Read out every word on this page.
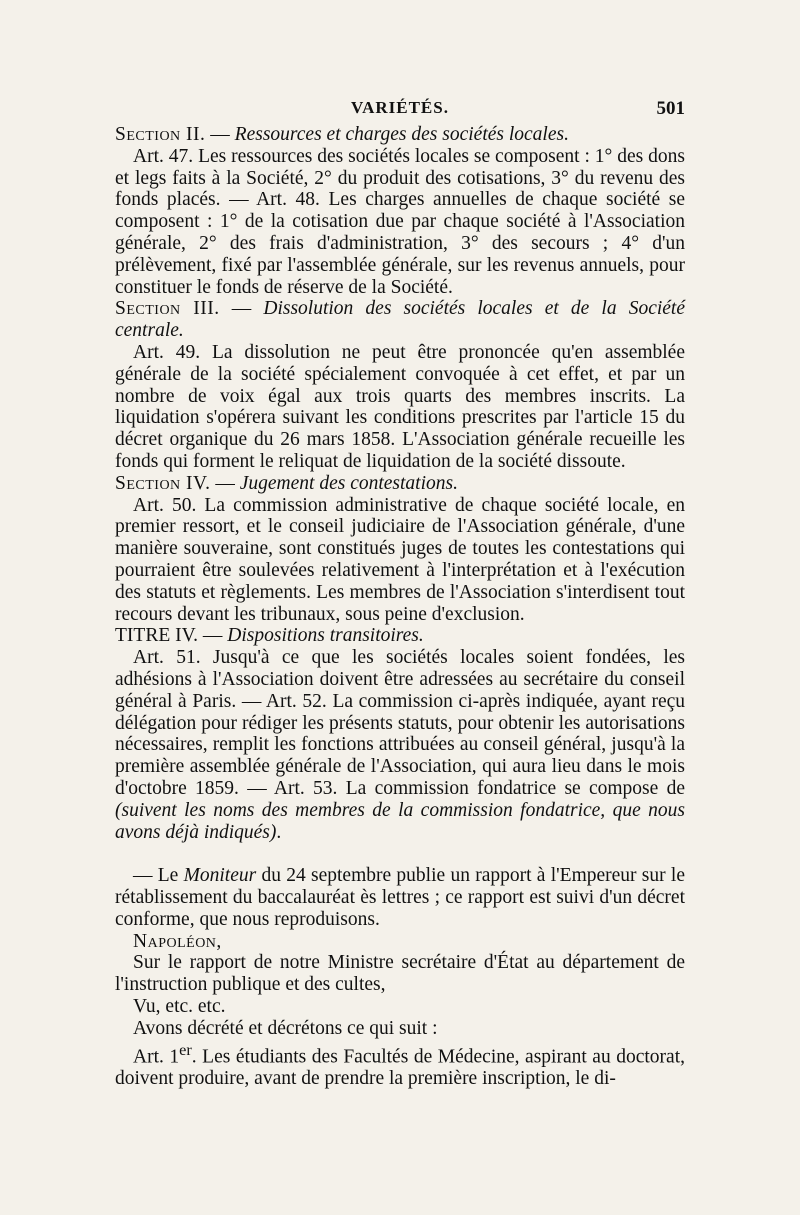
VARIÉTÉS.	501

Section II. — Ressources et charges des sociétés locales.

Art. 47. Les ressources des sociétés locales se composent : 1° des dons et legs faits à la Société, 2° du produit des cotisations, 3° du revenu des fonds placés. — Art. 48. Les charges annuelles de chaque société se composent : 1° de la cotisation due par chaque société à l'Association générale, 2° des frais d'administration, 3° des secours ; 4° d'un prélèvement, fixé par l'assemblée générale, sur les revenus annuels, pour constituer le fonds de réserve de la Société.

Section III. — Dissolution des sociétés locales et de la Société centrale.

Art. 49. La dissolution ne peut être prononcée qu'en assemblée générale de la société spécialement convoquée à cet effet, et par un nombre de voix égal aux trois quarts des membres inscrits. La liquidation s'opérera suivant les conditions prescrites par l'article 15 du décret organique du 26 mars 1858. L'Association générale recueille les fonds qui forment le reliquat de liquidation de la société dissoute.

Section IV. — Jugement des contestations.

Art. 50. La commission administrative de chaque société locale, en premier ressort, et le conseil judiciaire de l'Association générale, d'une manière souveraine, sont constitués juges de toutes les contestations qui pourraient être soulevées relativement à l'interprétation et à l'exécution des statuts et règlements. Les membres de l'Association s'interdisent tout recours devant les tribunaux, sous peine d'exclusion.

TITRE IV. — Dispositions transitoires.

Art. 51. Jusqu'à ce que les sociétés locales soient fondées, les adhésions à l'Association doivent être adressées au secrétaire du conseil général à Paris. — Art. 52. La commission ci-après indiquée, ayant reçu délégation pour rédiger les présents statuts, pour obtenir les autorisations nécessaires, remplit les fonctions attribuées au conseil général, jusqu'à la première assemblée générale de l'Association, qui aura lieu dans le mois d'octobre 1859. — Art. 53. La commission fondatrice se compose de (suivent les noms des membres de la commission fondatrice, que nous avons déjà indiqués).

— Le Moniteur du 24 septembre publie un rapport à l'Empereur sur le rétablissement du baccalauréat ès lettres ; ce rapport est suivi d'un décret conforme, que nous reproduisons.

Napoléon,

Sur le rapport de notre Ministre secrétaire d'État au département de l'instruction publique et des cultes,

Vu, etc. etc.

Avons décrété et décrétons ce qui suit :

Art. 1er. Les étudiants des Facultés de Médecine, aspirant au doctorat, doivent produire, avant de prendre la première inscription, le di-
